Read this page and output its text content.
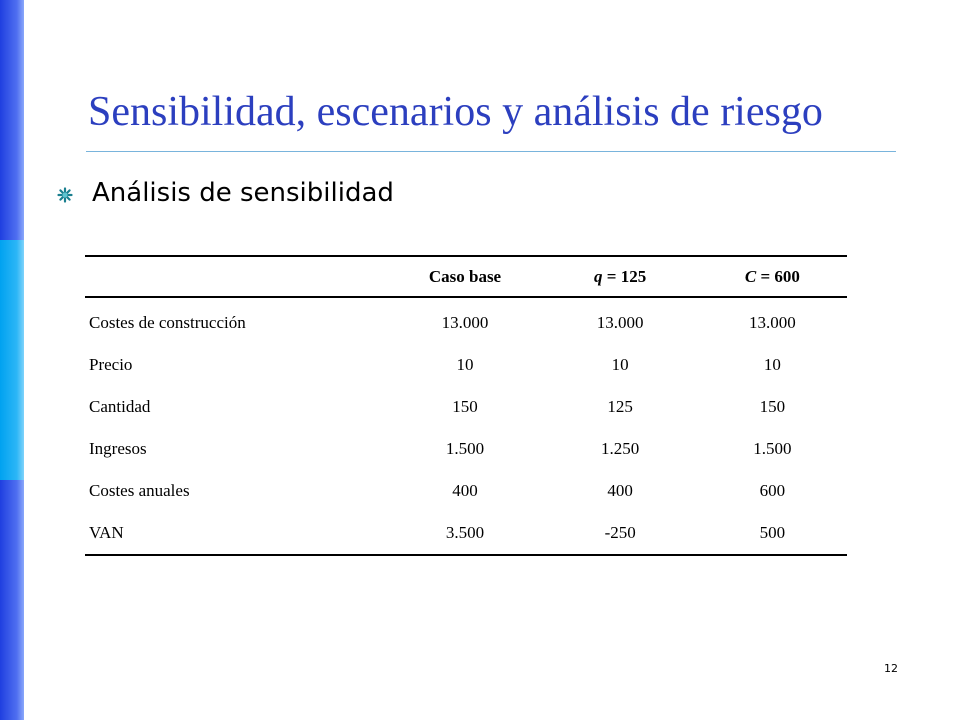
Sensibilidad, escenarios y análisis de riesgo

Análisis de sensibilidad

	Caso base	q = 125	C = 600
Costes de construcción	13.000	13.000	13.000
Precio	10	10	10
Cantidad	150	125	150
Ingresos	1.500	1.250	1.500
Costes anuales	400	400	600
VAN	3.500	-250	500
12
